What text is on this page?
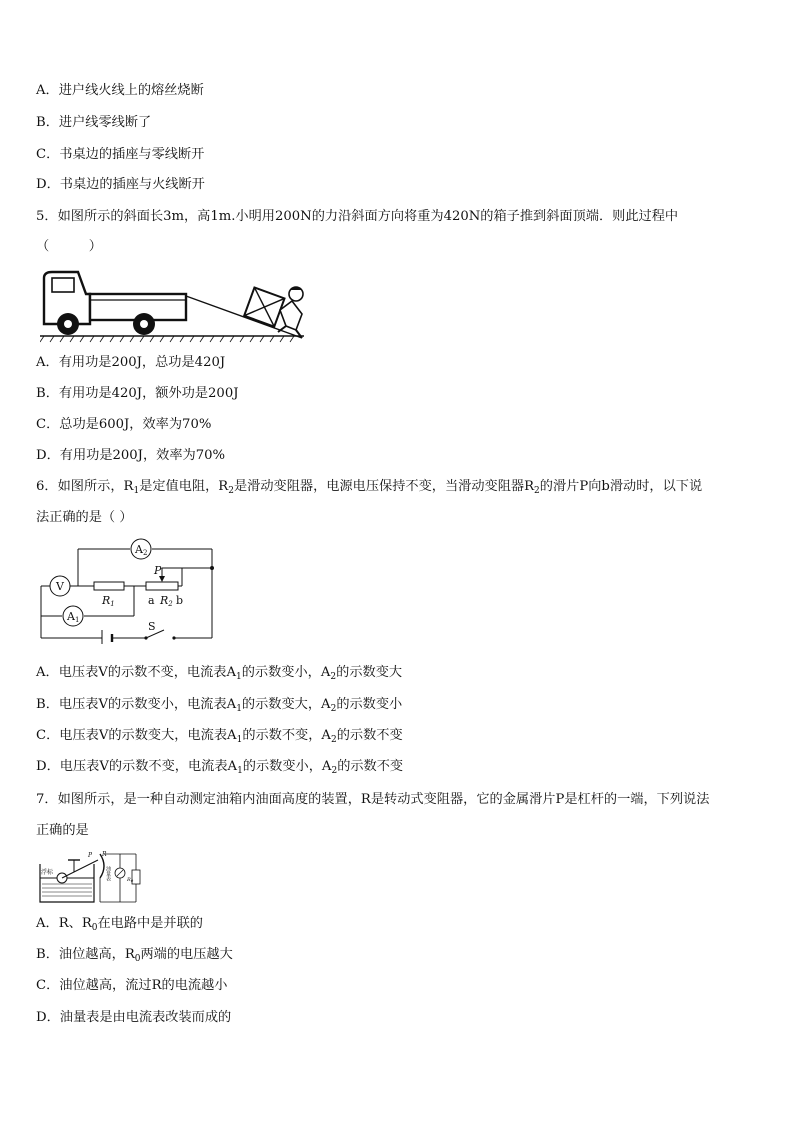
A．进户线火线上的熔丝烧断
B．进户线零线断了
C．书桌边的插座与零线断开
D．书桌边的插座与火线断开
5．如图所示的斜面长3m，高1m.小明用200N的力沿斜面方向将重为420N的箱子推到斜面顶端．则此过程中
（　　　）
A．有用功是200J，总功是420J
B．有用功是420J，额外功是200J
C．总功是600J，效率为70%
D．有用功是200J，效率为70%
6．如图所示，$R_1$是定值电阻，$R_2$是滑动变阻器，电源电压保持不变，当滑动变阻器$R_2$的滑片P向b滑动时，以下说
法正确的是（ ）
A2
V
A1
R1
P
a R2 b
S
A．电压表V的示数不变，电流表$A_1$的示数变小，$A_2$的示数变大
B．电压表V的示数变小，电流表$A_1$的示数变大，$A_2$的示数变小
C．电压表V的示数变大，电流表$A_1$的示数不变，$A_2$的示数不变
D．电压表V的示数不变，电流表$A_1$的示数变小，$A_2$的示数不变
7．如图所示，是一种自动测定油箱内油面高度的装置，R是转动式变阻器，它的金属滑片P是杠杆的一端，下列说法
正确的是
浮标
P R
油量表	$R_0$
A．R、$R_0$在电路中是并联的
B．油位越高，$R_0$两端的电压越大
C．油位越高，流过R的电流越小
D．油量表是由电流表改装而成的
